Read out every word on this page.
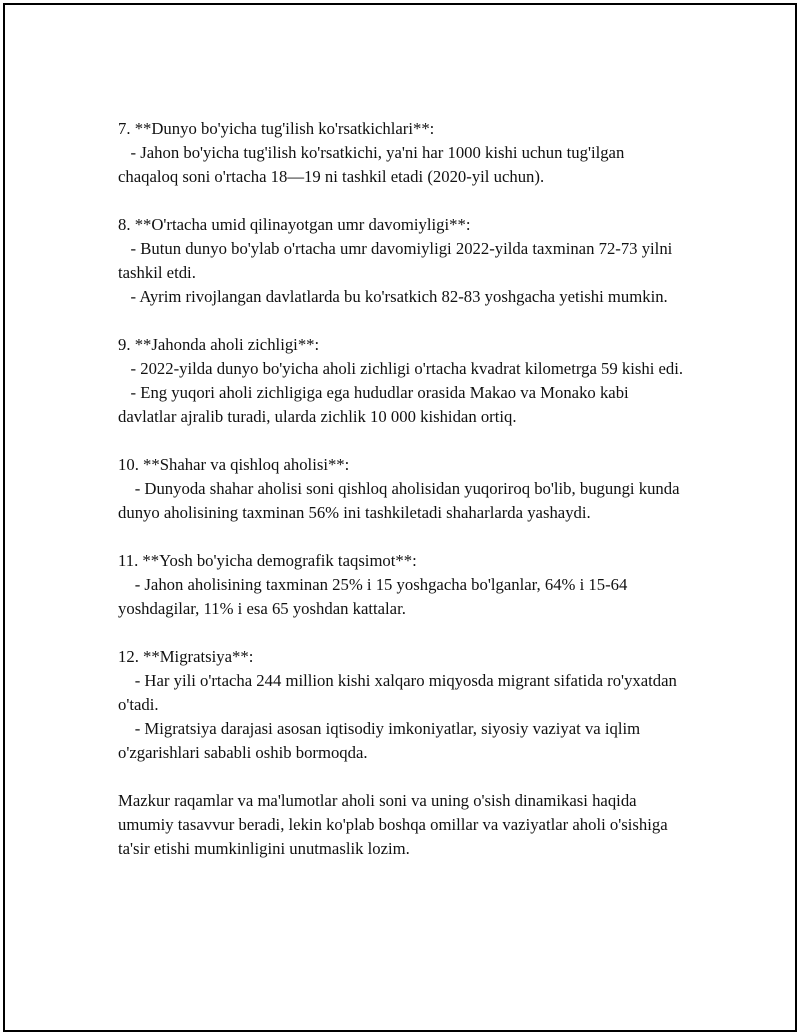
7. **Dunyo bo'yicha tug'ilish ko'rsatkichlari**:
- Jahon bo'yicha tug'ilish ko'rsatkichi, ya'ni har 1000 kishi uchun tug'ilgan chaqaloq soni o'rtacha 18—19 ni tashkil etadi (2020-yil uchun).
8. **O'rtacha umid qilinayotgan umr davomiyligi**:
- Butun dunyo bo'ylab o'rtacha umr davomiyligi 2022-yilda taxminan 72-73 yilni tashkil etdi.
- Ayrim rivojlangan davlatlarda bu ko'rsatkich 82-83 yoshgacha yetishi mumkin.
9. **Jahonda aholi zichligi**:
- 2022-yilda dunyo bo'yicha aholi zichligi o'rtacha kvadrat kilometrga 59 kishi edi.
- Eng yuqori aholi zichligiga ega hududlar orasida Makao va Monako kabi davlatlar ajralib turadi, ularda zichlik 10 000 kishidan ortiq.
10. **Shahar va qishloq aholisi**:
- Dunyoda shahar aholisi soni qishloq aholisidan yuqoriroq bo'lib, bugungi kunda dunyo aholisining taxminan 56% ini tashkiletadi shaharlarda yashaydi.
11. **Yosh bo'yicha demografik taqsimot**:
- Jahon aholisining taxminan 25% i 15 yoshgacha bo'lganlar, 64% i 15-64 yoshdagilar, 11% i esa 65 yoshdan kattalar.
12. **Migratsiya**:
- Har yili o'rtacha 244 million kishi xalqaro miqyosda migrant sifatida ro'yxatdan o'tadi.
- Migratsiya darajasi asosan iqtisodiy imkoniyatlar, siyosiy vaziyat va iqlim o'zgarishlari sababli oshib bormoqda.
Mazkur raqamlar va ma'lumotlar aholi soni va uning o'sish dinamikasi haqida umumiy tasavvur beradi, lekin ko'plab boshqa omillar va vaziyatlar aholi o'sishiga ta'sir etishi mumkinligini unutmaslik lozim.
